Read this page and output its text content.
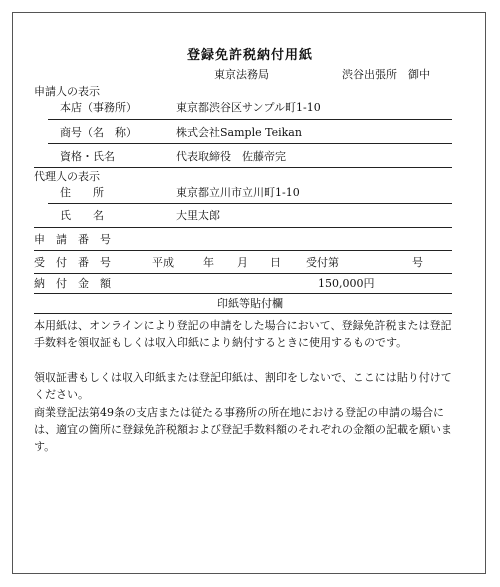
登録免許税納付用紙
東京法務局	渋谷出張所　御中
申請人の表示
本店（事務所）	東京都渋谷区サンプル町1-10
商号（名　称）	株式会社Sample Teikan
資格・氏名	代表取締役　佐藤帝完
代理人の表示
住　　所	東京都立川市立川町1-10
氏　　名	大里太郎
申　請　番　号
受　付　番　号	平成	年 月 日 受付第	号
納　付　金　額	150,000円
印紙等貼付欄

本用紙は、オンラインにより登記の申請をした場合において、登録免許税または登記手数料を領収証もしくは収入印紙により納付するときに使用するものです。

領収証書もしくは収入印紙または登記印紙は、割印をしないで、ここには貼り付けてください。

商業登記法第49条の支店または従たる事務所の所在地における登記の申請の場合には、適宜の箇所に登録免許税額および登記手数料額のそれぞれの金額の記載を願います。
